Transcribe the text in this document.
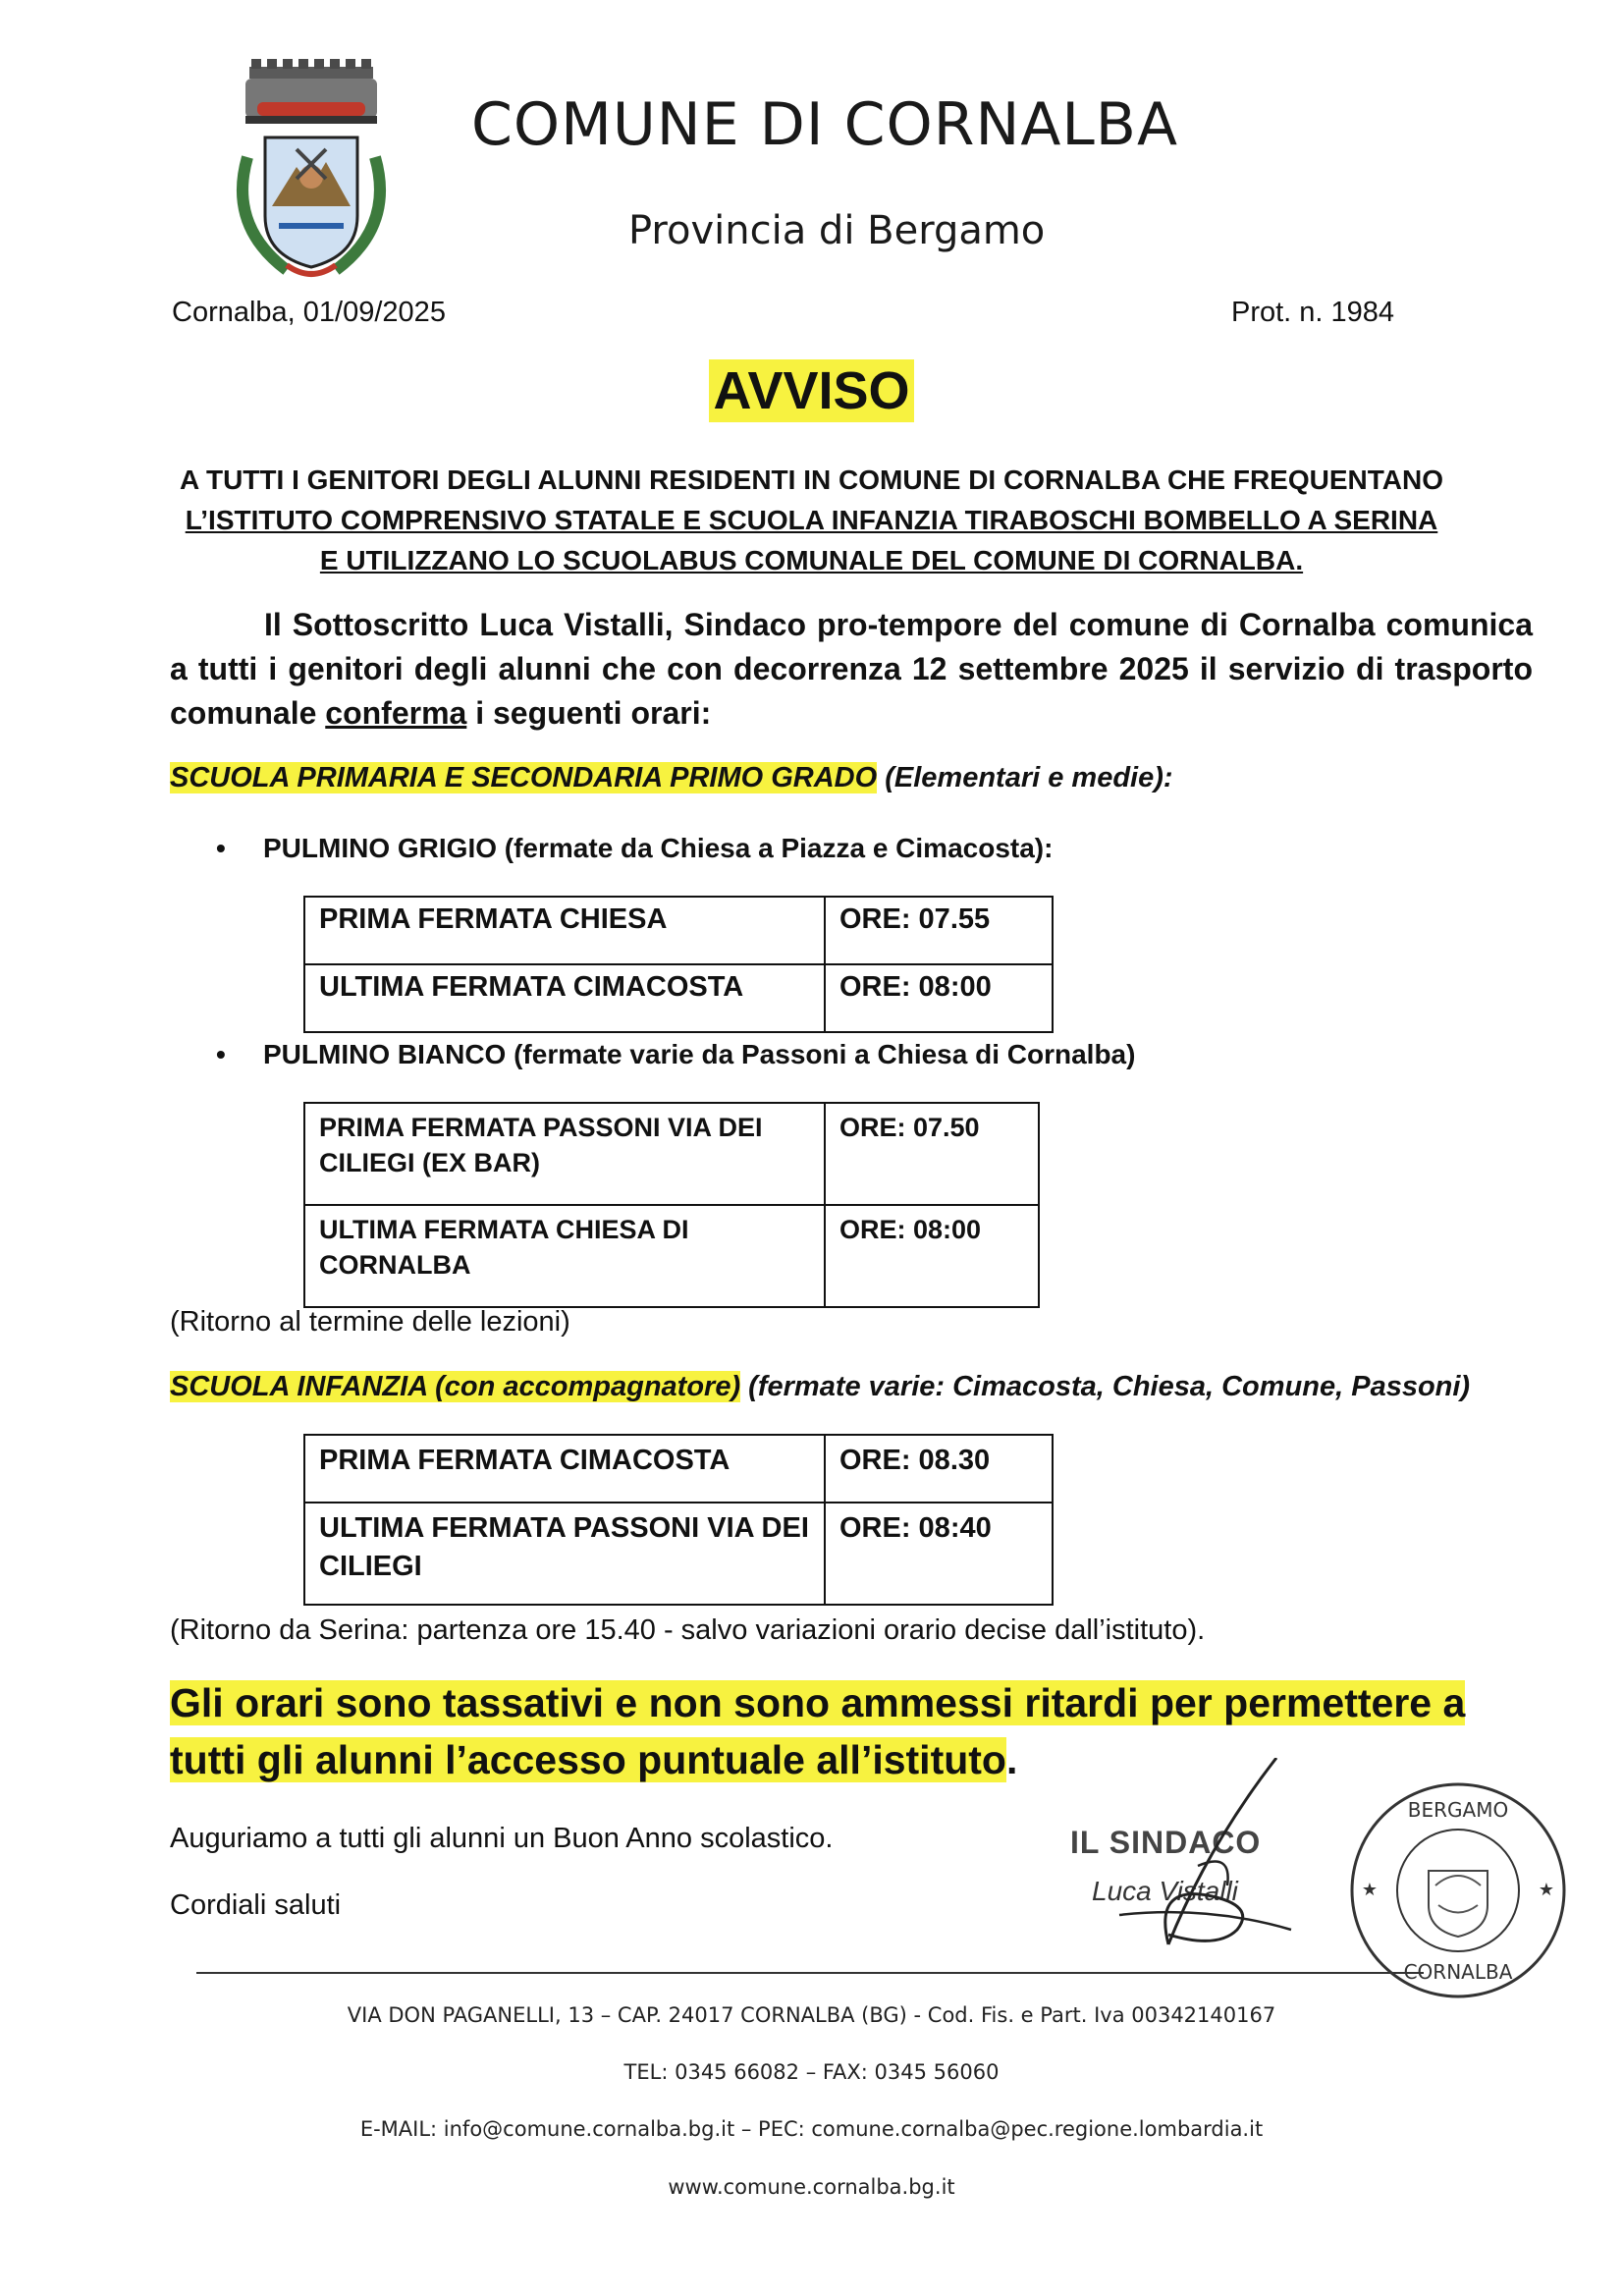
COMUNE DI CORNALBA
Provincia di Bergamo
Cornalba, 01/09/2025	Prot. n. 1984
AVVISO
A TUTTI I GENITORI DEGLI ALUNNI RESIDENTI IN COMUNE DI CORNALBA CHE FREQUENTANO
L’ISTITUTO COMPRENSIVO STATALE E SCUOLA INFANZIA TIRABOSCHI BOMBELLO A SERINA
E UTILIZZANO LO SCUOLABUS COMUNALE DEL COMUNE DI CORNALBA.
Il Sottoscritto Luca Vistalli, Sindaco pro-tempore del comune di Cornalba comunica a tutti i genitori degli alunni che con decorrenza 12 settembre 2025 il servizio di trasporto comunale conferma i seguenti orari:
SCUOLA PRIMARIA E SECONDARIA PRIMO GRADO (Elementari e medie):
• PULMINO GRIGIO (fermate da Chiesa a Piazza e Cimacosta):
PRIMA FERMATA CHIESA	ORE: 07.55
ULTIMA FERMATA CIMACOSTA	ORE: 08:00
• PULMINO BIANCO (fermate varie da Passoni a Chiesa di Cornalba)
PRIMA FERMATA PASSONI VIA DEI CILIEGI (EX BAR)	ORE: 07.50
ULTIMA FERMATA CHIESA DI CORNALBA	ORE: 08:00
(Ritorno al termine delle lezioni)
SCUOLA INFANZIA (con accompagnatore) (fermate varie: Cimacosta, Chiesa, Comune, Passoni)
PRIMA FERMATA CIMACOSTA	ORE: 08.30
ULTIMA FERMATA PASSONI VIA DEI CILIEGI	ORE: 08:40
(Ritorno da Serina: partenza ore 15.40 - salvo variazioni orario decise dall’istituto).
Gli orari sono tassativi e non sono ammessi ritardi per permettere a tutti gli alunni l’accesso puntuale all’istituto.
Auguriamo a tutti gli alunni un Buon Anno scolastico.
Cordiali saluti
IL SINDACO
Luca Vistalli
BERGAMO
CORNALBA
★
★
VIA DON PAGANELLI, 13 – CAP. 24017 CORNALBA (BG) - Cod. Fis. e Part. Iva 00342140167
TEL: 0345 66082 – FAX: 0345 56060
E-MAIL: info@comune.cornalba.bg.it – PEC: comune.cornalba@pec.regione.lombardia.it
www.comune.cornalba.bg.it
